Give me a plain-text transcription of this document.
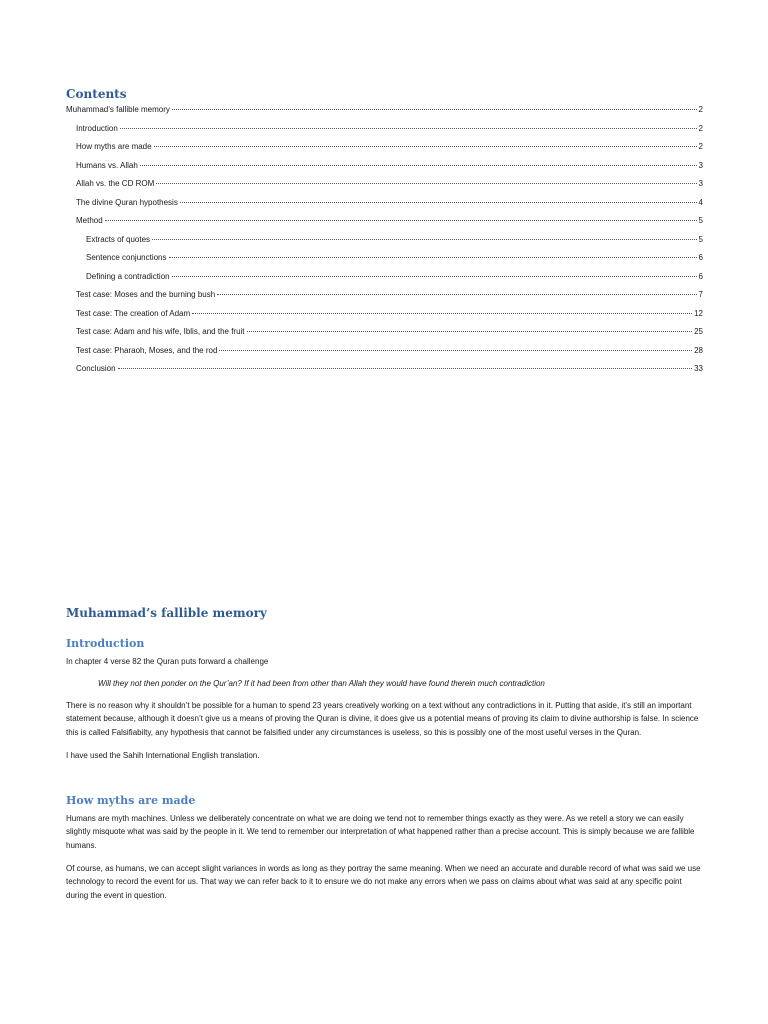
Contents
Muhammad’s fallible memory	2
Introduction	2
How myths are made	2
Humans vs. Allah	3
Allah vs. the CD ROM	3
The divine Quran hypothesis	4
Method	5
Extracts of quotes	5
Sentence conjunctions	6
Defining a contradiction	6
Test case: Moses and the burning bush	7
Test case: The creation of Adam	12
Test case: Adam and his wife, Iblis, and the fruit	25
Test case: Pharaoh, Moses, and the rod	28
Conclusion	33
Muhammad’s fallible memory
Introduction

In chapter 4 verse 82 the Quran puts forward a challenge

Will they not then ponder on the Qur’an? If it had been from other than Allah they would have found therein much contradiction

There is no reason why it shouldn’t be possible for a human to spend 23 years creatively working on a text without any contradictions in it. Putting that aside, it’s still an important statement because, although it doesn’t give us a means of proving the Quran is divine, it does give us a potential means of proving its claim to divine authorship is false. In science this is called Falsifiabilty, any hypothesis that cannot be falsified under any circumstances is useless, so this is possibly one of the most useful verses in the Quran.

I have used the Sahih International English translation.

How myths are made

Humans are myth machines. Unless we deliberately concentrate on what we are doing we tend not to remember things exactly as they were. As we retell a story we can easily slightly misquote what was said by the people in it. We tend to remember our interpretation of what happened rather than a precise account. This is simply because we are fallible humans.

Of course, as humans, we can accept slight variances in words as long as they portray the same meaning. When we need an accurate and durable record of what was said we use technology to record the event for us. That way we can refer back to it to ensure we do not make any errors when we pass on claims about what was said at any specific point during the event in question.
